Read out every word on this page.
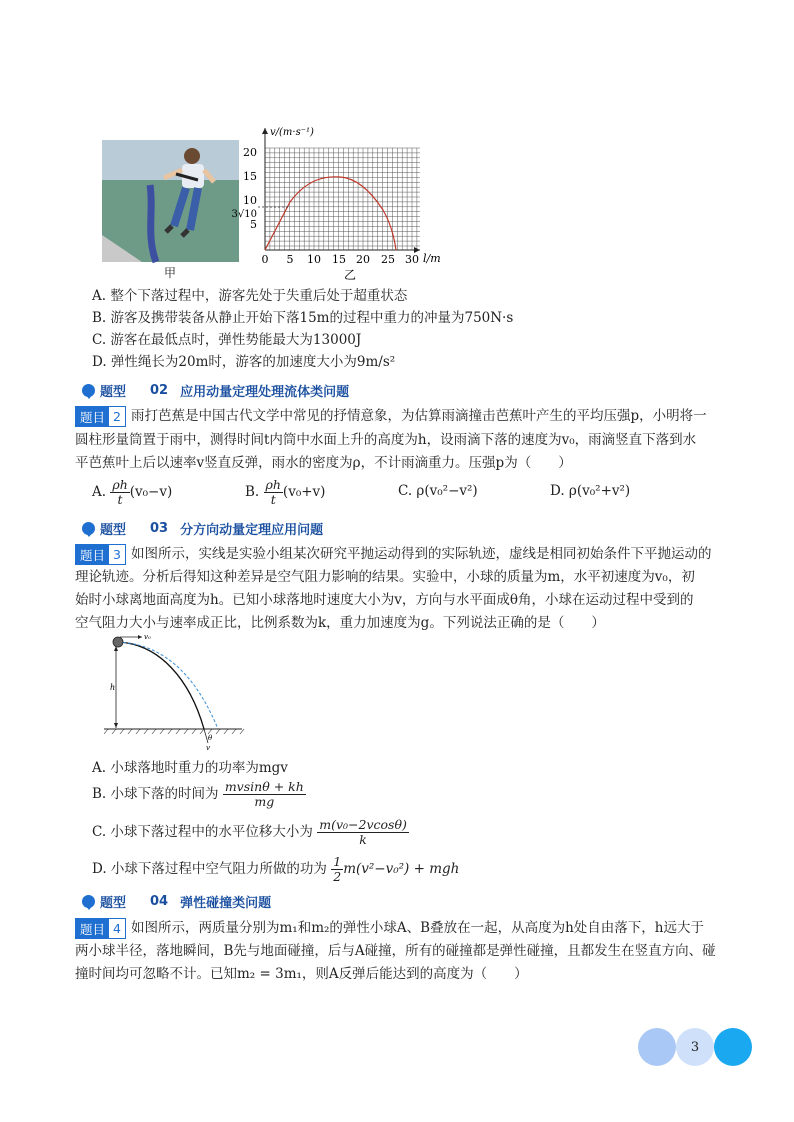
甲
v/(m·s⁻¹)
l/m
20
15
10
3√10
5
0 5 10 15 20 25 30
乙
A. 整个下落过程中，游客先处于失重后处于超重状态
B. 游客及携带装备从静止开始下落15m的过程中重力的冲量为750N·s
C. 游客在最低点时，弹性势能最大为13000J
D. 弹性绳长为20m时，游客的加速度大小为9m/s²
题型 02 应用动量定理处理流体类问题
题目 2 雨打芭蕉是中国古代文学中常见的抒情意象，为估算雨滴撞击芭蕉叶产生的平均压强p，小明将一
圆柱形量筒置于雨中，测得时间t内筒中水面上升的高度为h，设雨滴下落的速度为v₀，雨滴竖直下落到水
平芭蕉叶上后以速率v竖直反弹，雨水的密度为ρ，不计雨滴重力。压强p为（　　）
A. $\frac{\rho h}{t} (v_0-v)$	B. $\frac{\rho h}{t} (v_0+v)$	C. ρ(v₀²−v²)	D. ρ(v₀²+v²)
题型 03 分方向动量定理应用问题
题目 3 如图所示，实线是实验小组某次研究平抛运动得到的实际轨迹，虚线是相同初始条件下平抛运动的
理论轨迹。分析后得知这种差异是空气阻力影响的结果。实验中，小球的质量为m，水平初速度为v₀，初
始时小球离地面高度为h。已知小球落地时速度大小为v，方向与水平面成θ角，小球在运动过程中受到的
空气阻力大小与速率成正比，比例系数为k，重力加速度为g。下列说法正确的是（　　）
h
v₀
θ
v
A. 小球落地时重力的功率为mgv
B. 小球下落的时间为 $\frac{mvsin\theta + kh}{mg}$
C. 小球下落过程中的水平位移大小为 $\frac{\text{m(v₀−2vcosθ)}}{k}$
D. 小球下落过程中空气阻力所做的功为 $\frac{1}{2} m(v^2-v_0^2)$ + mgh
题型 04 弹性碰撞类问题
题目 4 如图所示，两质量分别为m₁和m₂的弹性小球A、B叠放在一起，从高度为h处自由落下，h远大于
两小球半径，落地瞬间，B先与地面碰撞，后与A碰撞，所有的碰撞都是弹性碰撞，且都发生在竖直方向、碰
撞时间均可忽略不计。已知m₂ = 3m₁，则A反弹后能达到的高度为（　　）
3
